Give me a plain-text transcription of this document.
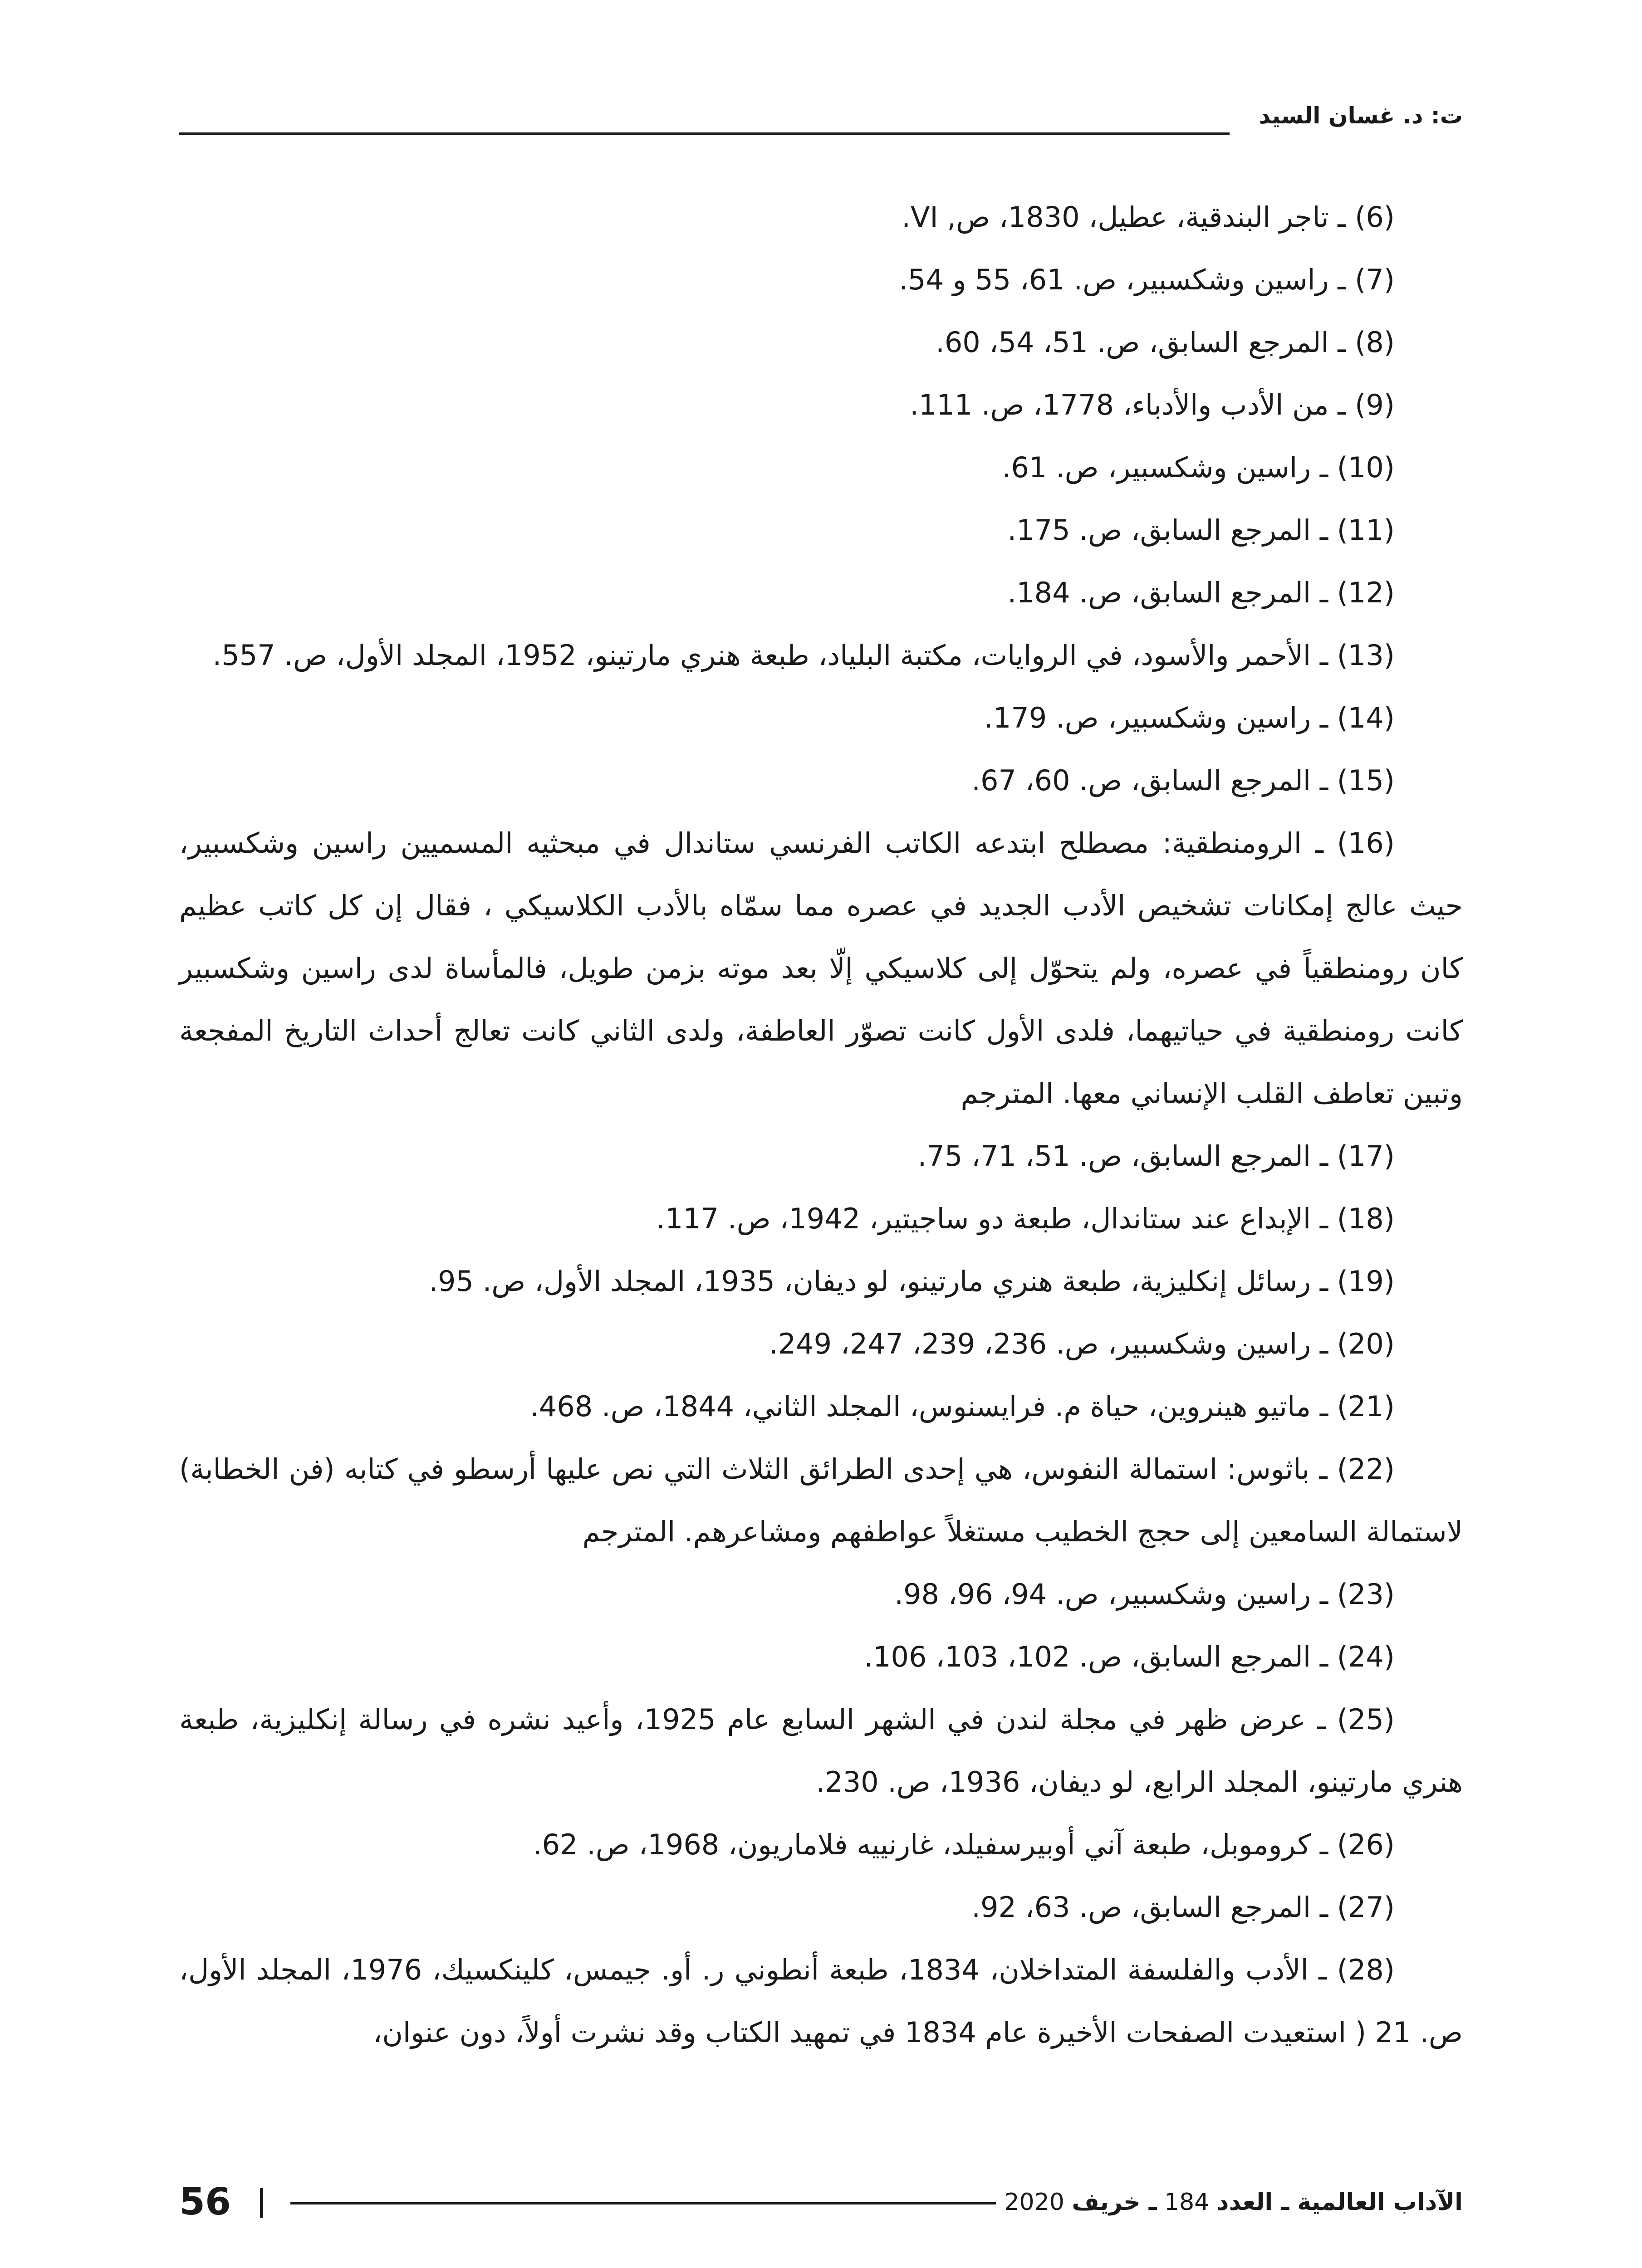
ت: د. غسان السيد

(6) ـ تاجر البندقية، عطيل، 1830، ص, VI.

(7) ـ راسين وشكسبير، ص. 61، 55 و 54.

(8) ـ المرجع السابق، ص. 51، 54، 60.

(9) ـ من الأدب والأدباء، 1778، ص. 111.

(10) ـ راسين وشكسبير، ص. 61.

(11) ـ المرجع السابق، ص. 175.

(12) ـ المرجع السابق، ص. 184.

(13) ـ الأحمر والأسود، في الروايات، مكتبة البلياد، طبعة هنري مارتينو، 1952، المجلد الأول، ص. 557.

(14) ـ راسين وشكسبير، ص. 179.

(15) ـ المرجع السابق، ص. 60، 67.

(16) ـ الرومنطقية: مصطلح ابتدعه الكاتب الفرنسي ستاندال في مبحثيه المسميين راسين وشكسبير، حيث عالج إمكانات تشخيص الأدب الجديد في عصره مما سمّاه بالأدب الكلاسيكي ، فقال إن كل كاتب عظيم كان رومنطقياً في عصره، ولم يتحوّل إلى كلاسيكي إلّا بعد موته بزمن طويل، فالمأساة لدى راسين وشكسبير كانت رومنطقية في حياتيهما، فلدى الأول كانت تصوّر العاطفة، ولدى الثاني كانت تعالج أحداث التاريخ المفجعة وتبين تعاطف القلب الإنساني معها. المترجم

(17) ـ المرجع السابق، ص. 51، 71، 75.

(18) ـ الإبداع عند ستاندال، طبعة دو ساجيتير، 1942، ص. 117.

(19) ـ رسائل إنكليزية، طبعة هنري مارتينو، لو ديفان، 1935، المجلد الأول، ص. 95.

(20) ـ راسين وشكسبير، ص. 236، 239، 247، 249.

(21) ـ ماتيو هينروين، حياة م. فرايسنوس، المجلد الثاني، 1844، ص. 468.

(22) ـ باثوس: استمالة النفوس، هي إحدى الطرائق الثلاث التي نص عليها أرسطو في كتابه (فن الخطابة) لاستمالة السامعين إلى حجج الخطيب مستغلاً عواطفهم ومشاعرهم. المترجم

(23) ـ راسين وشكسبير، ص. 94، 96، 98.

(24) ـ المرجع السابق، ص. 102، 103، 106.

(25) ـ عرض ظهر في مجلة لندن في الشهر السابع عام 1925، وأعيد نشره في رسالة إنكليزية، طبعة هنري مارتينو، المجلد الرابع، لو ديفان، 1936، ص. 230.

(26) ـ كروموبل، طبعة آني أوبيرسفيلد، غارنييه فلاماريون، 1968، ص. 62.

(27) ـ المرجع السابق، ص. 63، 92.

(28) ـ الأدب والفلسفة المتداخلان، 1834، طبعة أنطوني ر. أو. جيمس، كلينكسيك، 1976، المجلد الأول، ص. 21 ( استعيدت الصفحات الأخيرة عام 1834 في تمهيد الكتاب وقد نشرت أولاً، دون عنوان،

56	الآداب العالمية ـ العدد 184 ـ خريف 2020
